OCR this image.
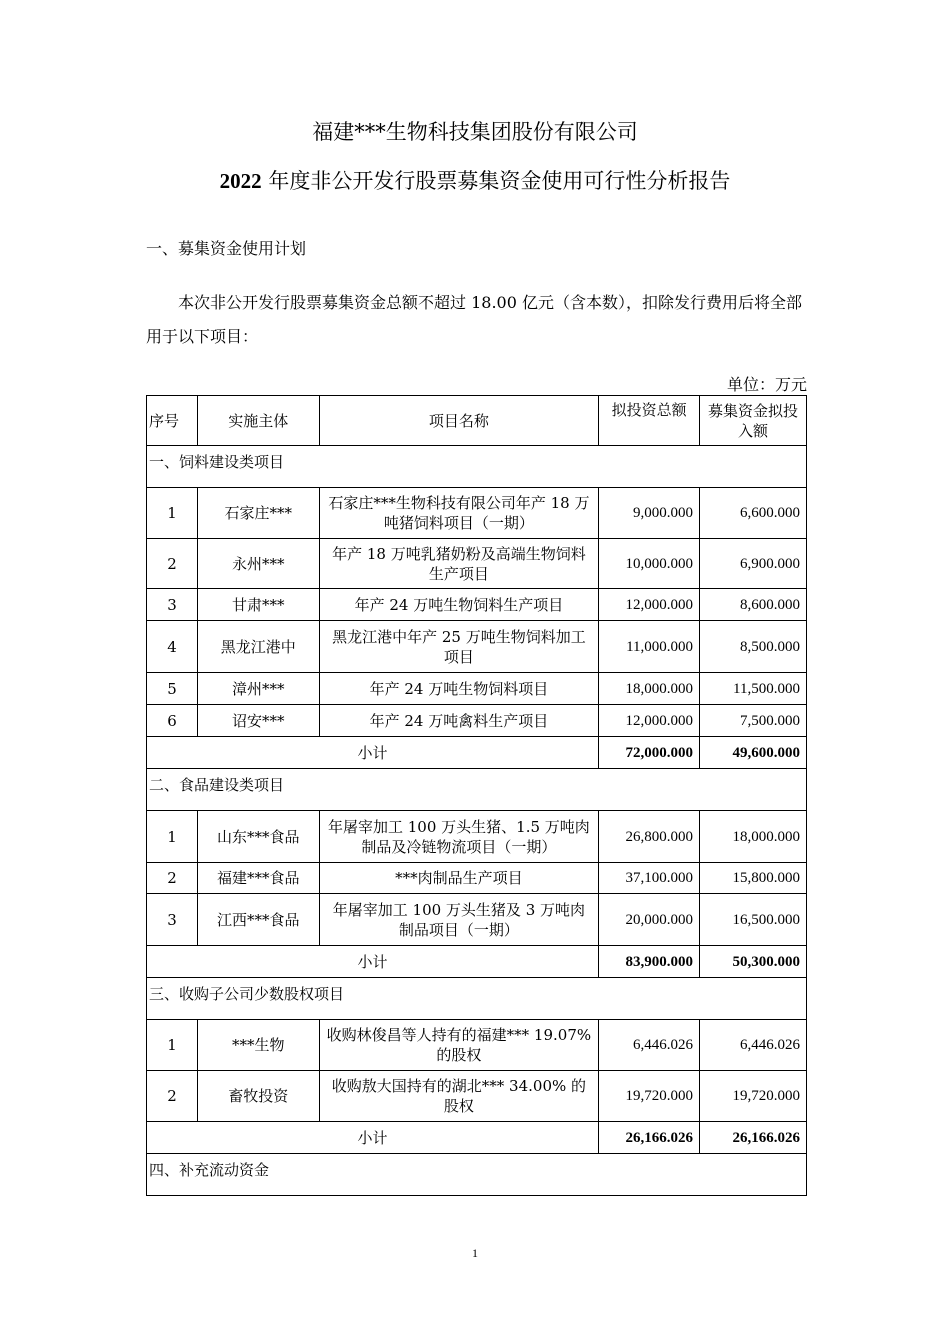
福建***生物科技集团股份有限公司
2022 年度非公开发行股票募集资金使用可行性分析报告
一、募集资金使用计划
本次非公开发行股票募集资金总额不超过 18.00 亿元（含本数），扣除发行费用后将全部用于以下项目：
单位：万元
序号	实施主体	项目名称	拟投资总额	募集资金拟投入额
一、饲料建设类项目				
1	石家庄***	石家庄***生物科技有限公司年产 18 万吨猪饲料项目（一期）	9,000.000	6,600.000
2	永州***	年产 18 万吨乳猪奶粉及高端生物饲料生产项目	10,000.000	6,900.000
3	甘肃***	年产 24 万吨生物饲料生产项目	12,000.000	8,600.000
4	黑龙江港中	黑龙江港中年产 25 万吨生物饲料加工项目	11,000.000	8,500.000
5	漳州***	年产 24 万吨生物饲料项目	18,000.000	11,500.000
6	诏安***	年产 24 万吨禽料生产项目	12,000.000	7,500.000
小计			72,000.000	49,600.000
二、食品建设类项目				
1	山东***食品	年屠宰加工 100 万头生猪、1.5 万吨肉制品及冷链物流项目（一期）	26,800.000	18,000.000
2	福建***食品	***肉制品生产项目	37,100.000	15,800.000
3	江西***食品	年屠宰加工 100 万头生猪及 3 万吨肉制品项目（一期）	20,000.000	16,500.000
小计			83,900.000	50,300.000
三、收购子公司少数股权项目				
1	***生物	收购林俊昌等人持有的福建*** 19.07%的股权	6,446.026	6,446.026
2	畜牧投资	收购敖大国持有的湖北*** 34.00% 的股权	19,720.000	19,720.000
小计			26,166.026	26,166.026
四、补充流动资金				
1
